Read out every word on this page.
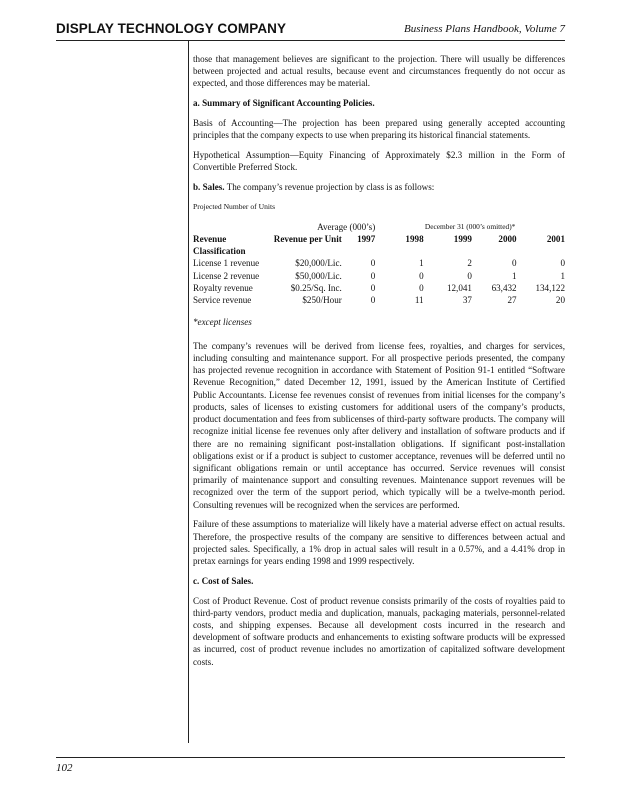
DISPLAY TECHNOLOGY COMPANY	Business Plans Handbook, Volume 7

those that management believes are significant to the projection. There will usually be differences between projected and actual results, because event and circumstances frequently do not occur as expected, and those differences may be material.

a. Summary of Significant Accounting Policies.

Basis of Accounting—The projection has been prepared using generally accepted accounting principles that the company expects to use when preparing its historical financial statements.

Hypothetical Assumption—Equity Financing of Approximately $2.3 million in the Form of Convertible Preferred Stock.

b. Sales. The company’s revenue projection by class is as follows:

Projected Number of Units

	Average (000’s)		December 31 (000’s omitted)*			
Revenue	Revenue per Unit	1997	1998	1999	2000	2001
Classification						
License 1 revenue	$20,000/Lic.	0	1	2	0	0
License 2 revenue	$50,000/Lic.	0	0	0	1	1
Royalty revenue	$0.25/Sq. Inc.	0	0	12,041	63,432	134,122
Service revenue	$250/Hour	0	11	37	27	20

*except licenses

The company’s revenues will be derived from license fees, royalties, and charges for services, including consulting and maintenance support. For all prospective periods presented, the company has projected revenue recognition in accordance with Statement of Position 91-1 entitled “Software Revenue Recognition,” dated December 12, 1991, issued by the American Institute of Certified Public Accountants. License fee revenues consist of revenues from initial licenses for the company’s products, sales of licenses to existing customers for additional users of the company’s products, product documentation and fees from sublicenses of third-party software products. The company will recognize initial license fee revenues only after delivery and installation of software products and if there are no remaining significant post-installation obligations. If significant post-installation obligations exist or if a product is subject to customer acceptance, revenues will be deferred until no significant obligations remain or until acceptance has occurred. Service revenues will consist primarily of maintenance support and consulting revenues. Maintenance support revenues will be recognized over the term of the support period, which typically will be a twelve-month period. Consulting revenues will be recognized when the services are performed.

Failure of these assumptions to materialize will likely have a material adverse effect on actual results. Therefore, the prospective results of the company are sensitive to differences between actual and projected sales. Specifically, a 1% drop in actual sales will result in a 0.57%, and a 4.41% drop in pretax earnings for years ending 1998 and 1999 respectively.

c. Cost of Sales.

Cost of Product Revenue. Cost of product revenue consists primarily of the costs of royalties paid to third-party vendors, product media and duplication, manuals, packaging materials, personnel-related costs, and shipping expenses. Because all development costs incurred in the research and development of software products and enhancements to existing software products will be expressed as incurred, cost of product revenue includes no amortization of capitalized software development costs.

102
